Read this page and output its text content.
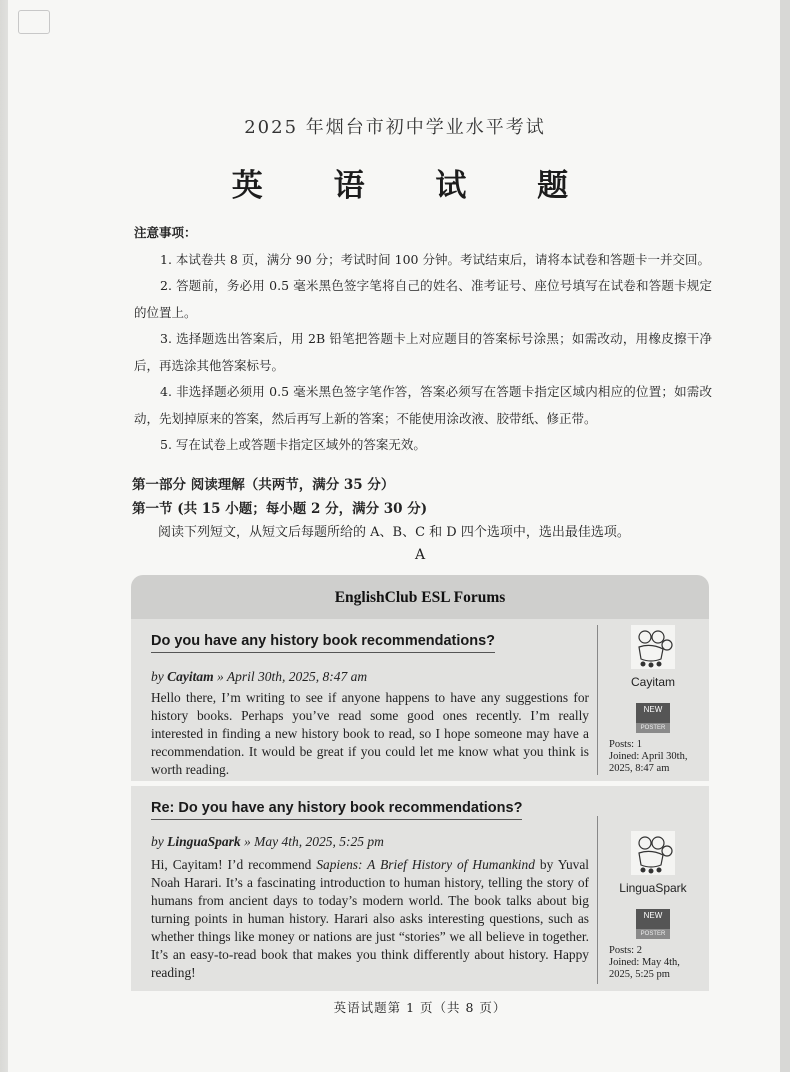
2025 年烟台市初中学业水平考试
英 语 试 题
注意事项：

1. 本试卷共 8 页，满分 90 分；考试时间 100 分钟。考试结束后，请将本试卷和答题卡一并交回。

2. 答题前，务必用 0.5 毫米黑色签字笔将自己的姓名、准考证号、座位号填写在试卷和答题卡规定的位置上。

3. 选择题选出答案后，用 2B 铅笔把答题卡上对应题目的答案标号涂黑；如需改动，用橡皮擦干净后，再选涂其他答案标号。

4. 非选择题必须用 0.5 毫米黑色签字笔作答，答案必须写在答题卡指定区域内相应的位置；如需改动，先划掉原来的答案，然后再写上新的答案；不能使用涂改液、胶带纸、修正带。

5. 写在试卷上或答题卡指定区域外的答案无效。

第一部分 阅读理解（共两节，满分 35 分）
第一节 (共 15 小题；每小题 2 分，满分 30 分)
阅读下列短文，从短文后每题所给的 A、B、C 和 D 四个选项中，选出最佳选项。
A
EnglishClub ESL Forums
Do you have any history book recommendations?
by Cayitam » April 30th, 2025, 8:47 am
Hello there, I’m writing to see if anyone happens to have any suggestions for history books. Perhaps you’ve read some good ones recently. I’m really interested in finding a new history book to read, so I hope someone may have a recommendation. It would be great if you could let me know what you think is worth reading.
Cayitam
NEW
POSTER
Posts: 1
Joined: April 30th, 2025, 8:47 am
Re: Do you have any history book recommendations?
by LinguaSpark » May 4th, 2025, 5:25 pm
Hi, Cayitam! I’d recommend Sapiens: A Brief History of Humankind by Yuval Noah Harari. It’s a fascinating introduction to human history, telling the story of humans from ancient days to today’s modern world. The book talks about big turning points in human history. Harari also asks interesting questions, such as whether things like money or nations are just “stories” we all believe in together. It’s an easy-to-read book that makes you think differently about history. Happy reading!
LinguaSpark
NEW
POSTER
Posts: 2
Joined: May 4th, 2025, 5:25 pm
英语试题第 1 页（共 8 页）
